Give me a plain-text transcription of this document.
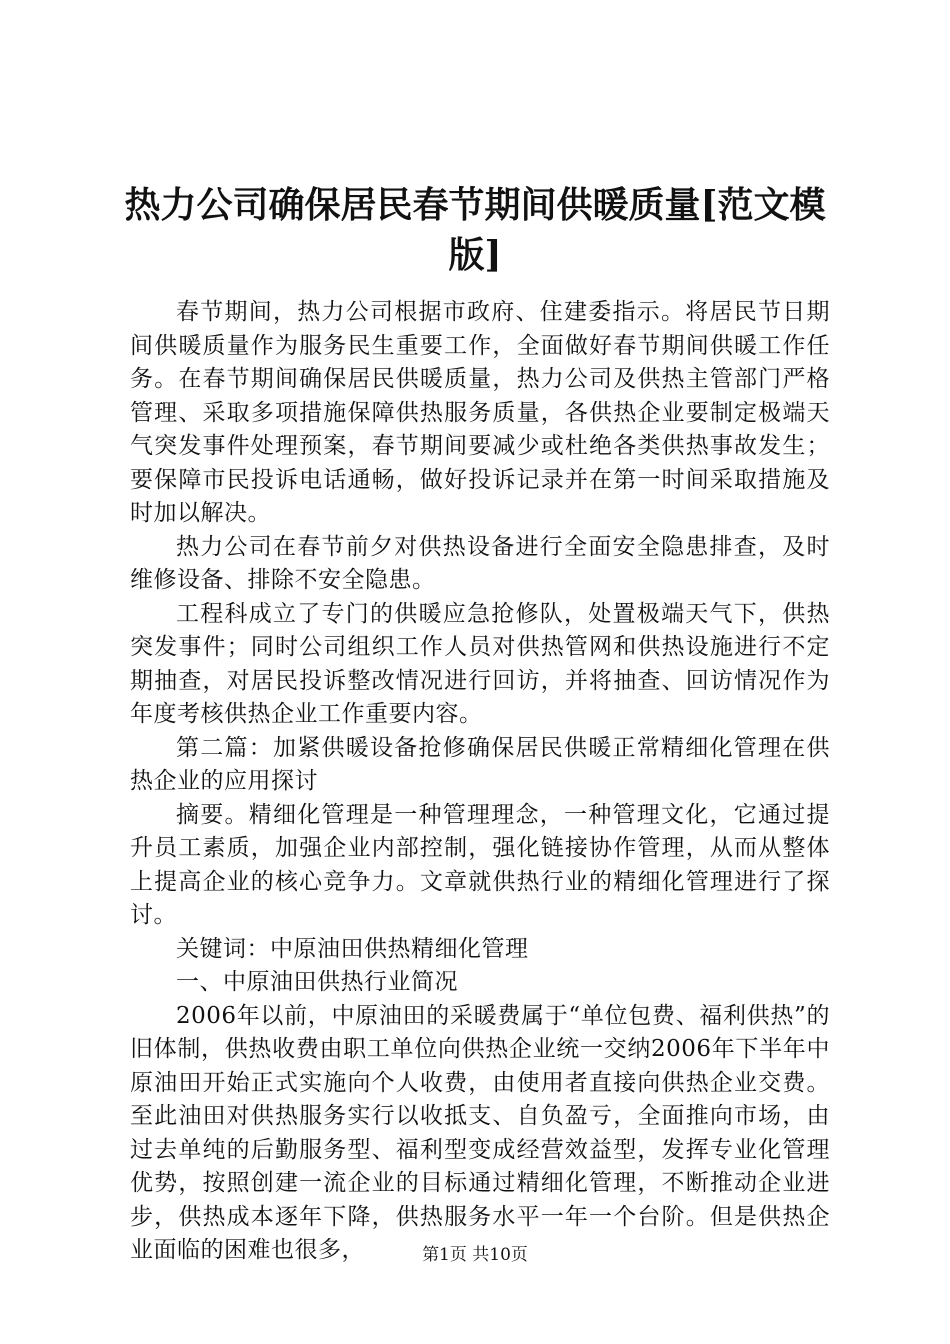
热力公司确保居民春节期间供暖质量[范文模版]

春节期间，热力公司根据市政府、住建委指示。将居民节日期间供暖质量作为服务民生重要工作，全面做好春节期间供暖工作任务。在春节期间确保居民供暖质量，热力公司及供热主管部门严格管理、采取多项措施保障供热服务质量，各供热企业要制定极端天气突发事件处理预案，春节期间要减少或杜绝各类供热事故发生；要保障市民投诉电话通畅，做好投诉记录并在第一时间采取措施及时加以解决。

热力公司在春节前夕对供热设备进行全面安全隐患排查，及时维修设备、排除不安全隐患。

工程科成立了专门的供暖应急抢修队，处置极端天气下，供热突发事件；同时公司组织工作人员对供热管网和供热设施进行不定期抽查，对居民投诉整改情况进行回访，并将抽查、回访情况作为年度考核供热企业工作重要内容。

第二篇：加紧供暖设备抢修确保居民供暖正常精细化管理在供热企业的应用探讨

摘要。精细化管理是一种管理理念，一种管理文化，它通过提升员工素质，加强企业内部控制，强化链接协作管理，从而从整体上提高企业的核心竞争力。文章就供热行业的精细化管理进行了探讨。

关键词：中原油田供热精细化管理

一、中原油田供热行业简况

2006年以前，中原油田的采暖费属于“单位包费、福利供热”的旧体制，供热收费由职工单位向供热企业统一交纳2006年下半年中原油田开始正式实施向个人收费，由使用者直接向供热企业交费。至此油田对供热服务实行以收抵支、自负盈亏，全面推向市场，由过去单纯的后勤服务型、福利型变成经营效益型，发挥专业化管理优势，按照创建一流企业的目标通过精细化管理，不断推动企业进步，供热成本逐年下降，供热服务水平一年一个台阶。但是供热企业面临的困难也很多，	第1页 共10页
